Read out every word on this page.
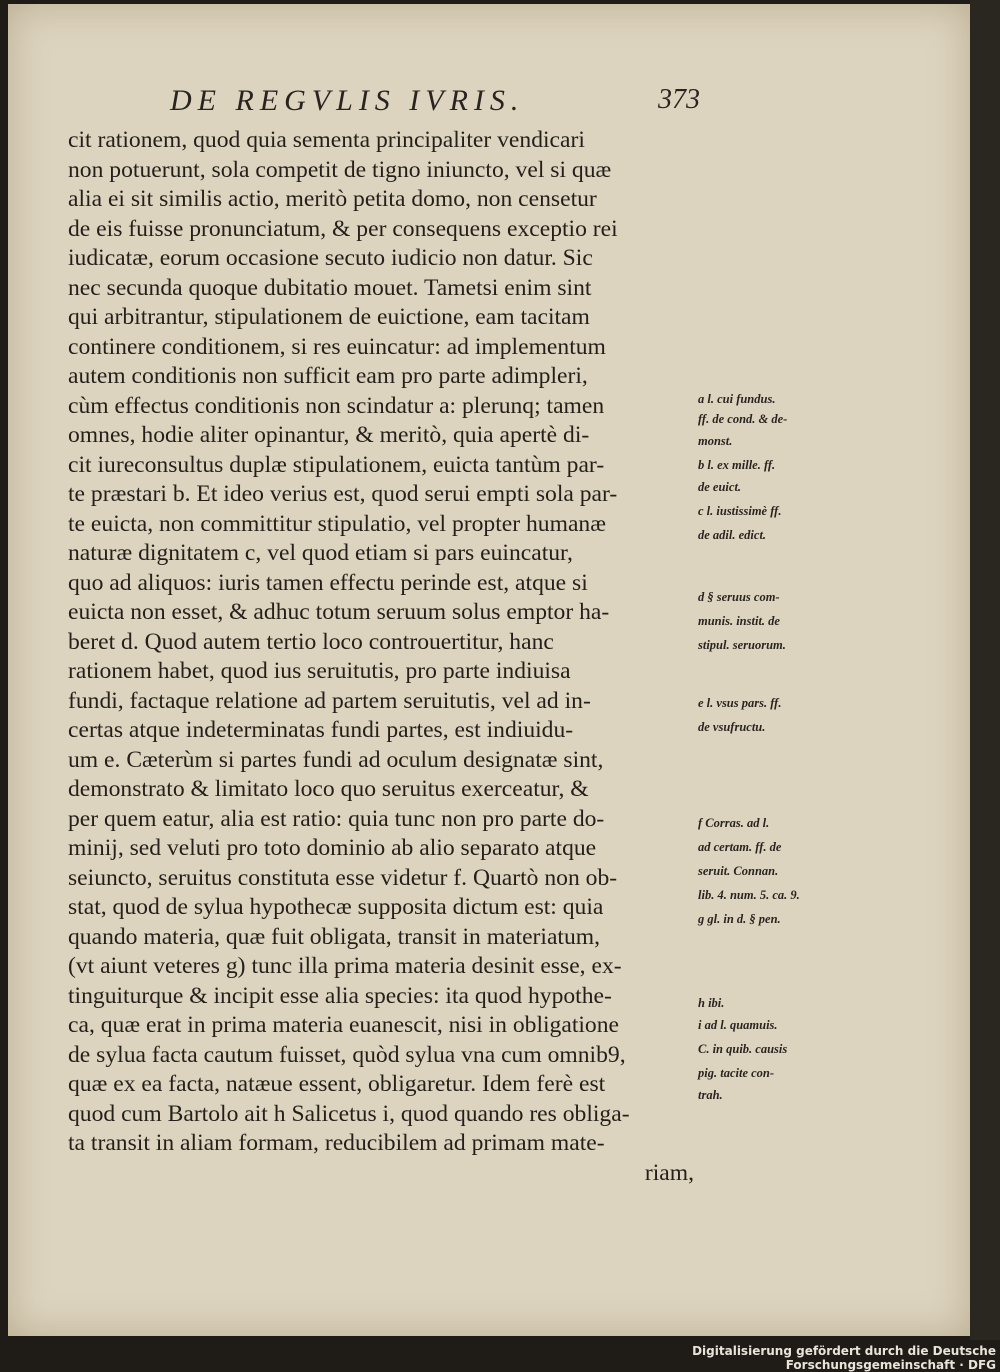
DE REGVLIS IVRIS.	373
cit rationem, quod quia sementa principaliter vendicari
non potuerunt, sola competit de tigno iniuncto, vel si quæ
alia ei sit similis actio, meritò petita domo, non censetur
de eis fuisse pronunciatum, & per consequens exceptio rei
iudicatæ, eorum occasione secuto iudicio non datur. Sic
nec secunda quoque dubitatio mouet. Tametsi enim sint
qui arbitrantur, stipulationem de euictione, eam tacitam
continere conditionem, si res euincatur: ad implementum
autem conditionis non sufficit eam pro parte adimpleri,
cùm effectus conditionis non scindatur a: plerunq; tamen
omnes, hodie aliter opinantur, & meritò, quia apertè di-
cit iureconsultus duplæ stipulationem, euicta tantùm par-
te præstari b. Et ideo verius est, quod serui empti sola par-
te euicta, non committitur stipulatio, vel propter humanæ
naturæ dignitatem c, vel quod etiam si pars euincatur,
quo ad aliquos: iuris tamen effectu perinde est, atque si
euicta non esset, & adhuc totum seruum solus emptor ha-
beret d. Quod autem tertio loco controuertitur, hanc
rationem habet, quod ius seruitutis, pro parte indiuisa
fundi, factaque relatione ad partem seruitutis, vel ad in-
certas atque indeterminatas fundi partes, est indiuidu-
um e. Cæterùm si partes fundi ad oculum designatæ sint,
demonstrato & limitato loco quo seruitus exerceatur, &
per quem eatur, alia est ratio: quia tunc non pro parte do-
minij, sed veluti pro toto dominio ab alio separato atque
seiuncto, seruitus constituta esse videtur f. Quartò non ob-
stat, quod de sylua hypothecæ supposita dictum est: quia
quando materia, quæ fuit obligata, transit in materiatum,
(vt aiunt veteres g) tunc illa prima materia desinit esse, ex-
tinguiturque & incipit esse alia species: ita quod hypothe-
ca, quæ erat in prima materia euanescit, nisi in obligatione
de sylua facta cautum fuisset, quòd sylua vna cum omnib9,
quæ ex ea facta, natæue essent, obligaretur. Idem ferè est
quod cum Bartolo ait h Salicetus i, quod quando res obliga-
ta transit in aliam formam, reducibilem ad primam mate-
riam,
a l. cui fundus.
ff. de cond. & de-
monst.
b l. ex mille. ff.
de euict.
c l. iustissimè ff.
de adil. edict.
d § seruus com-
munis. instit. de
stipul. seruorum.
e l. vsus pars. ff.
de vsufructu.
f Corras. ad l.
ad certam. ff. de
seruit. Connan.
lib. 4. num. 5. ca. 9.
g gl. in d. § pen.
h ibi.
i ad l. quamuis.
C. in quib. causis
pig. tacite con-
trah.
Digitalisierung gefördert durch die Deutsche Forschungsgemeinschaft · DFG
